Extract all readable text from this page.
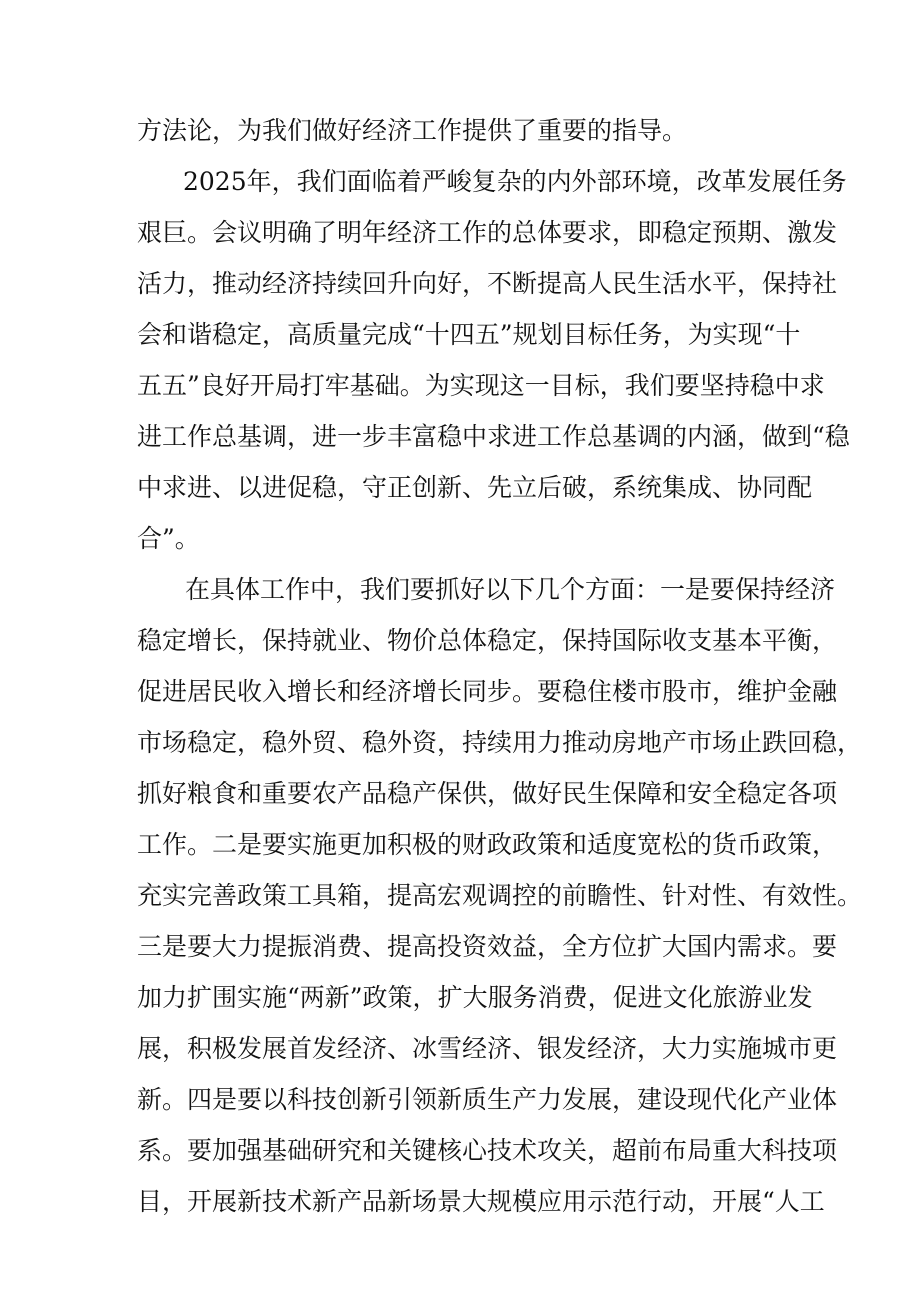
方法论，为我们做好经济工作提供了重要的指导。
2025年，我们面临着严峻复杂的内外部环境，改革发展任务
艰巨。会议明确了明年经济工作的总体要求，即稳定预期、激发
活力，推动经济持续回升向好，不断提高人民生活水平，保持社
会和谐稳定，高质量完成“十四五”规划目标任务，为实现“十
五五”良好开局打牢基础。为实现这一目标，我们要坚持稳中求
进工作总基调，进一步丰富稳中求进工作总基调的内涵，做到“稳
中求进、以进促稳，守正创新、先立后破，系统集成、协同配
合”。
在具体工作中，我们要抓好以下几个方面：一是要保持经济
稳定增长，保持就业、物价总体稳定，保持国际收支基本平衡，
促进居民收入增长和经济增长同步。要稳住楼市股市，维护金融
市场稳定，稳外贸、稳外资，持续用力推动房地产市场止跌回稳，
抓好粮食和重要农产品稳产保供，做好民生保障和安全稳定各项
工作。二是要实施更加积极的财政政策和适度宽松的货币政策，
充实完善政策工具箱，提高宏观调控的前瞻性、针对性、有效性。
三是要大力提振消费、提高投资效益，全方位扩大国内需求。要
加力扩围实施“两新”政策，扩大服务消费，促进文化旅游业发
展，积极发展首发经济、冰雪经济、银发经济，大力实施城市更
新。四是要以科技创新引领新质生产力发展，建设现代化产业体
系。要加强基础研究和关键核心技术攻关，超前布局重大科技项
目，开展新技术新产品新场景大规模应用示范行动，开展“人工
